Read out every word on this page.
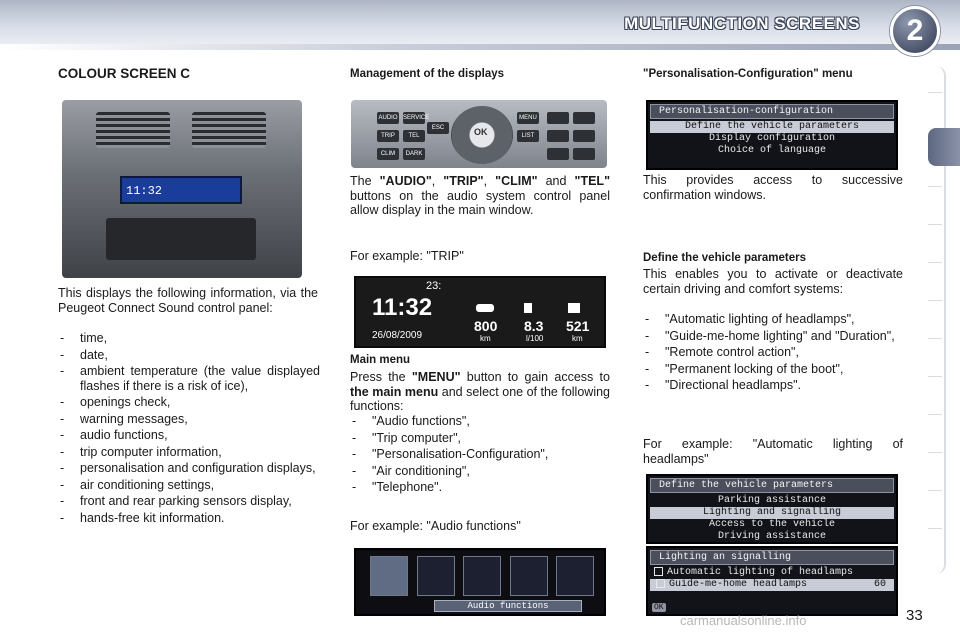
MULTIFUNCTION SCREENS 2
COLOUR SCREEN C
11:32
This displays the following information, via the Peugeot Connect Sound control panel:
- time,
- date,
- ambient temperature (the value displayed flashes if there is a risk of ice),
- openings check,
- warning messages,
- audio functions,
- trip computer information,
- personalisation and configuration displays,
- air conditioning settings,
- front and rear parking sensors display,
- hands-free kit information.
Management of the displays
AUDIO SERVICE
TRIP	TEL
CLIM	DARK
ESC	OK
MENU
LIST
The "AUDIO", "TRIP", "CLIM" and "TEL" buttons on the audio system control panel allow display in the main window.
For example: "TRIP"
23:
11:32
26/08/2009
800 8.3 521
km	l/100	km
Main menu
Press the "MENU" button to gain access to the main menu and select one of the following functions:
- "Audio functions",
- "Trip computer",
- "Personalisation-Configuration",
- "Air conditioning",
- "Telephone".
For example: "Audio functions"
Audio functions
"Personalisation-Configuration" menu
Personalisation-configuration
Define the vehicle parameters
Display configuration
Choice of language
This provides access to successive confirmation windows.
Define the vehicle parameters
This enables you to activate or deactivate certain driving and comfort systems:
- "Automatic lighting of headlamps",
- "Guide-me-home lighting" and "Duration",
- "Remote control action",
- "Permanent locking of the boot",
- "Directional headlamps".
For example: "Automatic lighting of headlamps"
Define the vehicle parameters
Parking assistance
Lighting and signalling
Access to the vehicle
Driving assistance
Lighting an signalling
Automatic lighting of headlamps
Guide-me-home headlamps	60
OK
carmanualsonline.info	33
